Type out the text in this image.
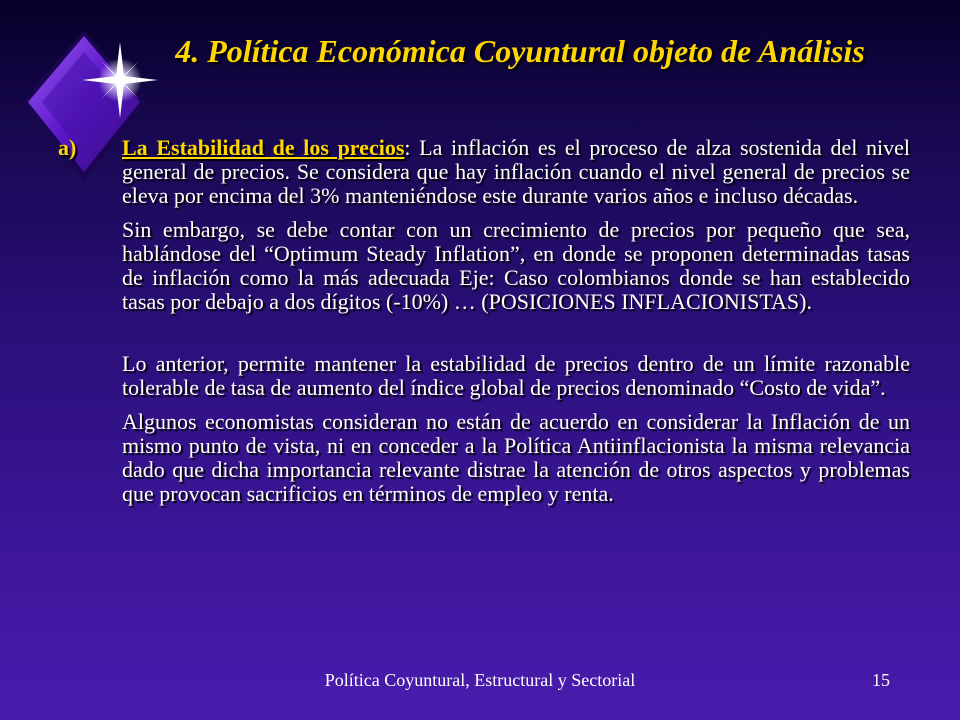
4. Política Económica Coyuntural objeto de Análisis
a) La Estabilidad de los precios: La inflación es el proceso de alza sostenida del nivel general de precios. Se considera que hay inflación cuando el nivel general de precios se eleva por encima del 3% manteniéndose este durante varios años e incluso décadas.

Sin embargo, se debe contar con un crecimiento de precios por pequeño que sea, hablándose del “Optimum Steady Inflation”, en donde se proponen determinadas tasas de inflación como la más adecuada Eje: Caso colombianos donde se han establecido tasas por debajo a dos dígitos (-10%) … (POSICIONES INFLACIONISTAS).

Lo anterior, permite mantener la estabilidad de precios dentro de un límite razonable tolerable de tasa de aumento del índice global de precios denominado “Costo de vida”.

Algunos economistas consideran no están de acuerdo en considerar la Inflación de un mismo punto de vista, ni en conceder a la Política Antiinflacionista la misma relevancia dado que dicha importancia relevante distrae la atención de otros aspectos y problemas que provocan sacrificios en términos de empleo y renta.

Política Coyuntural, Estructural y Sectorial	15
